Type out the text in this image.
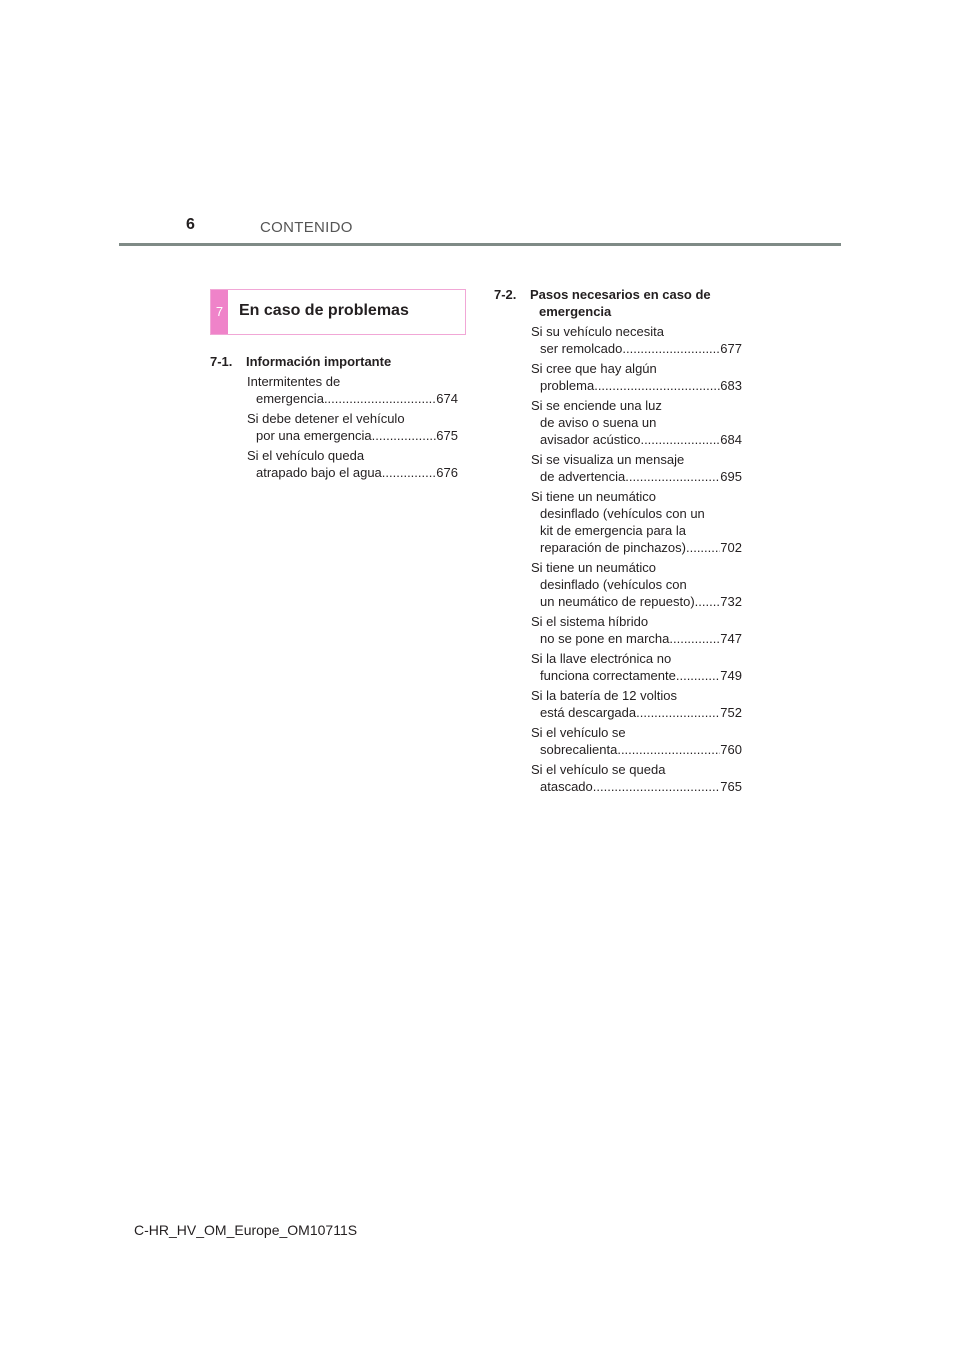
6	CONTENIDO
7 En caso de problemas
7-1. Información importante
Intermitentes de
emergencia .....	674
Si debe detener el vehículo
por una emergencia .....	675
Si el vehículo queda
atrapado bajo el agua .....	676
7-2. Pasos necesarios en caso de
emergencia
Si su vehículo necesita
ser remolcado .....	677
Si cree que hay algún
problema .....	683
Si se enciende una luz
de aviso o suena un
avisador acústico .....	684
Si se visualiza un mensaje
de advertencia .....	695
Si tiene un neumático
desinflado (vehículos con un
kit de emergencia para la
reparación de pinchazos) .....	702
Si tiene un neumático
desinflado (vehículos con
un neumático de repuesto) ..... 732
Si el sistema híbrido
no se pone en marcha .....	747
Si la llave electrónica no
funciona correctamente .....	749
Si la batería de 12 voltios
está descargada .....	752
Si el vehículo se
sobrecalienta .....	760
Si el vehículo se queda
atascado .....	765
C-HR_HV_OM_Europe_OM10711S
